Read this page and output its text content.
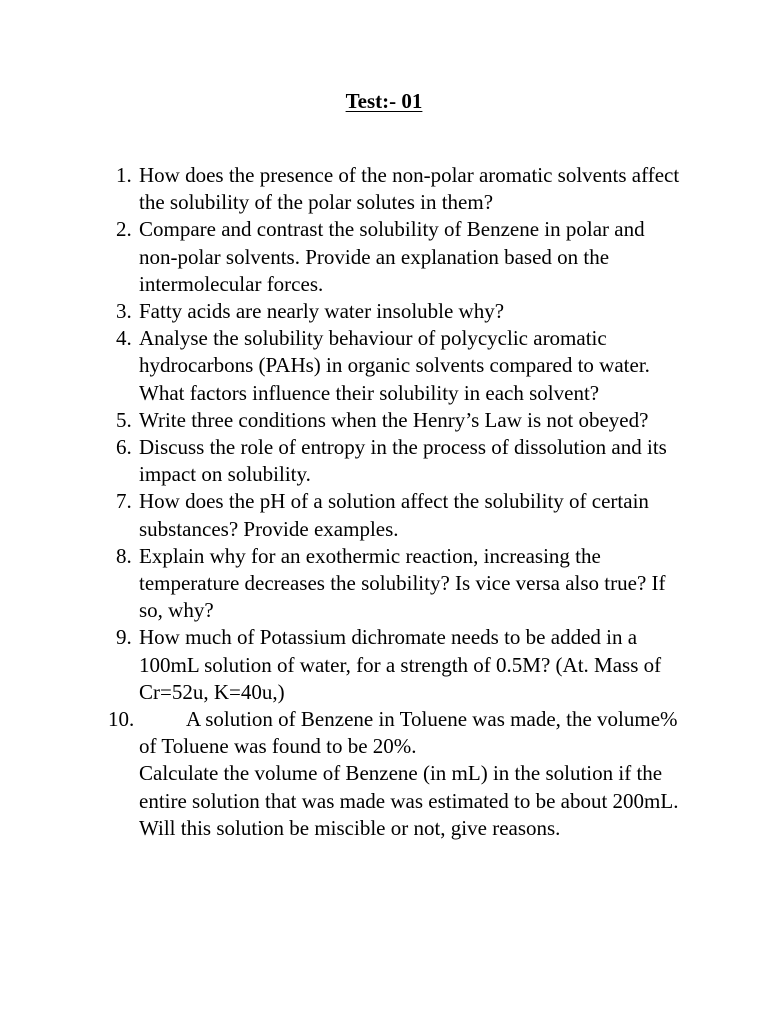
Test:- 01
1. How does the presence of the non-polar aromatic solvents affect the solubility of the polar solutes in them?
2. Compare and contrast the solubility of Benzene in polar and non-polar solvents. Provide an explanation based on the intermolecular forces.
3. Fatty acids are nearly water insoluble why?
4. Analyse the solubility behaviour of polycyclic aromatic hydrocarbons (PAHs) in organic solvents compared to water. What factors influence their solubility in each solvent?
5. Write three conditions when the Henry’s Law is not obeyed?
6. Discuss the role of entropy in the process of dissolution and its impact on solubility.
7. How does the pH of a solution affect the solubility of certain substances? Provide examples.
8. Explain why for an exothermic reaction, increasing the temperature decreases the solubility? Is vice versa also true? If so, why?
9. How much of Potassium dichromate needs to be added in a 100mL solution of water, for a strength of 0.5M? (At. Mass of Cr=52u, K=40u,)
10.	A solution of Benzene in Toluene was made, the volume% of Toluene was found to be 20%.
Calculate the volume of Benzene (in mL) in the solution if the entire solution that was made was estimated to be about 200mL. Will this solution be miscible or not, give reasons.
